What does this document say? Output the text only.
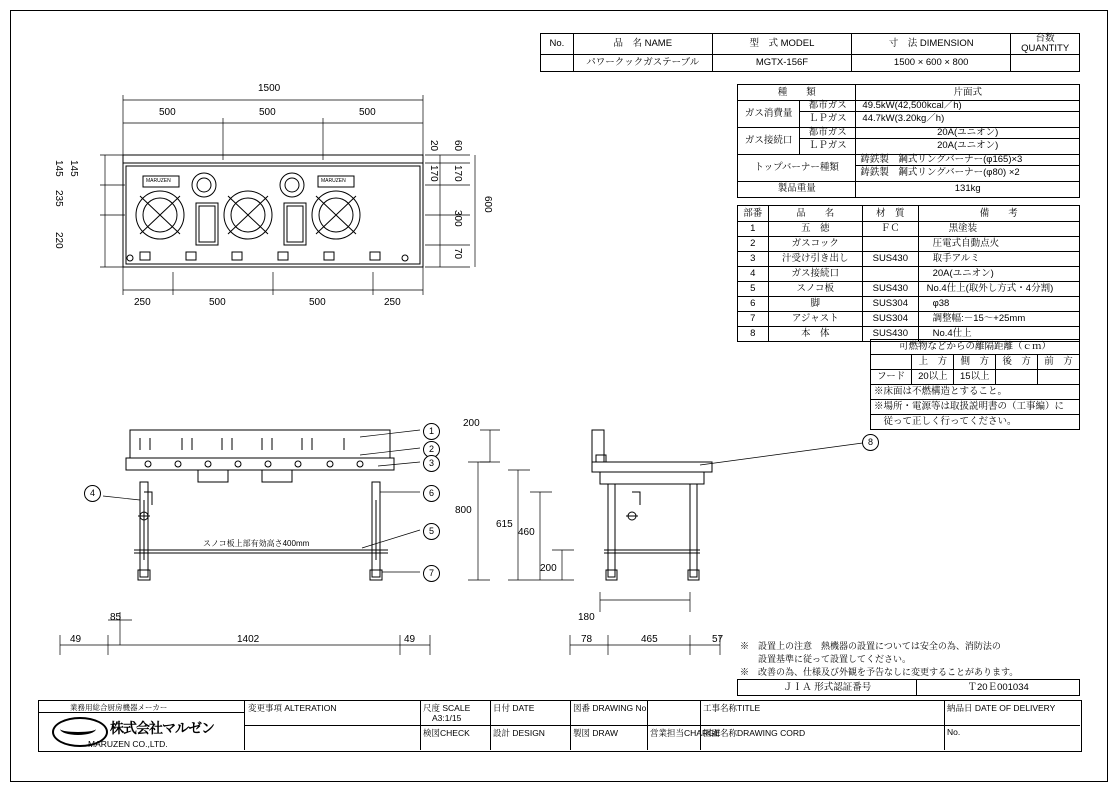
No.	品　名 NAME	型　式 MODEL	寸　法 DIMENSION	台数 QUANTITY
	パワークックガステーブル	MGTX-156F	1500 × 600 × 800	
種　　類		片面式
ガス消費量	都市ガス	49.5kW(42,500kcal／h)
	ＬＰガス	44.7kW(3.20kg／h)
ガス接続口	都市ガス	20A(ユニオン)
	ＬＰガス	20A(ユニオン)
トップバーナー種類		鋳鉄製　鋼式リングバーナー(φ165)×3
		鋳鉄製　鋼式リングバーナー(φ80) ×2
製品重量		131kg
部番	品　　名	材　質	備　　考
1	五　徳	ＦＣ	黒塗装
2	ガスコック		圧電式自動点火
3	汁受け引き出し	SUS430	取手アルミ
4	ガス接続口		20A(ユニオン)
5	スノコ板	SUS430	No.4仕上(取外し方式・4分割)
6	脚	SUS304	φ38
7	アジャスト	SUS304	調整幅:－15～+25mm
8	本　体	SUS430	No.4仕上
可燃物などからの離隔距離（ｃｍ）				
	上　方	側　方	後　方	前　方
フード	20以上	15以上		
※床面は不燃構造とすること。				
※場所・電源等は取扱説明書の（工事編）に				
　従って正しく行ってください。				
※　設置上の注意　熱機器の設置については安全の為、消防法の
　　設置基準に従って設置してください。
※　改善の為、仕様及び外観を予告なしに変更することがあります。
ＪＩＡ 形式認証番号	Ｔ20Ｅ001034
業務用総合厨房機器メーカー
株式会社マルゼン
MARUZEN CO.,LTD.
変更事項 ALTERATION	尺度 SCALE
A3:1/15
日付 DATE	図番 DRAWING No.	工事名称TITLE	納品日 DATE OF DELIVERY
検図CHECK	設計 DESIGN	製図 DRAW	営業担当CHARGE
図面名称DRAWING CORD	No.
1500
500	500	500
250	500	500	250
145 145
235
220
20 60
170 170
300
70
600
MARUZEN	MARUZEN
1
2
3
4
5
6
7
8
スノコ板上部有効高さ400mm
85
49	1402	49
200
800
615
460
200
180
78	465	57
